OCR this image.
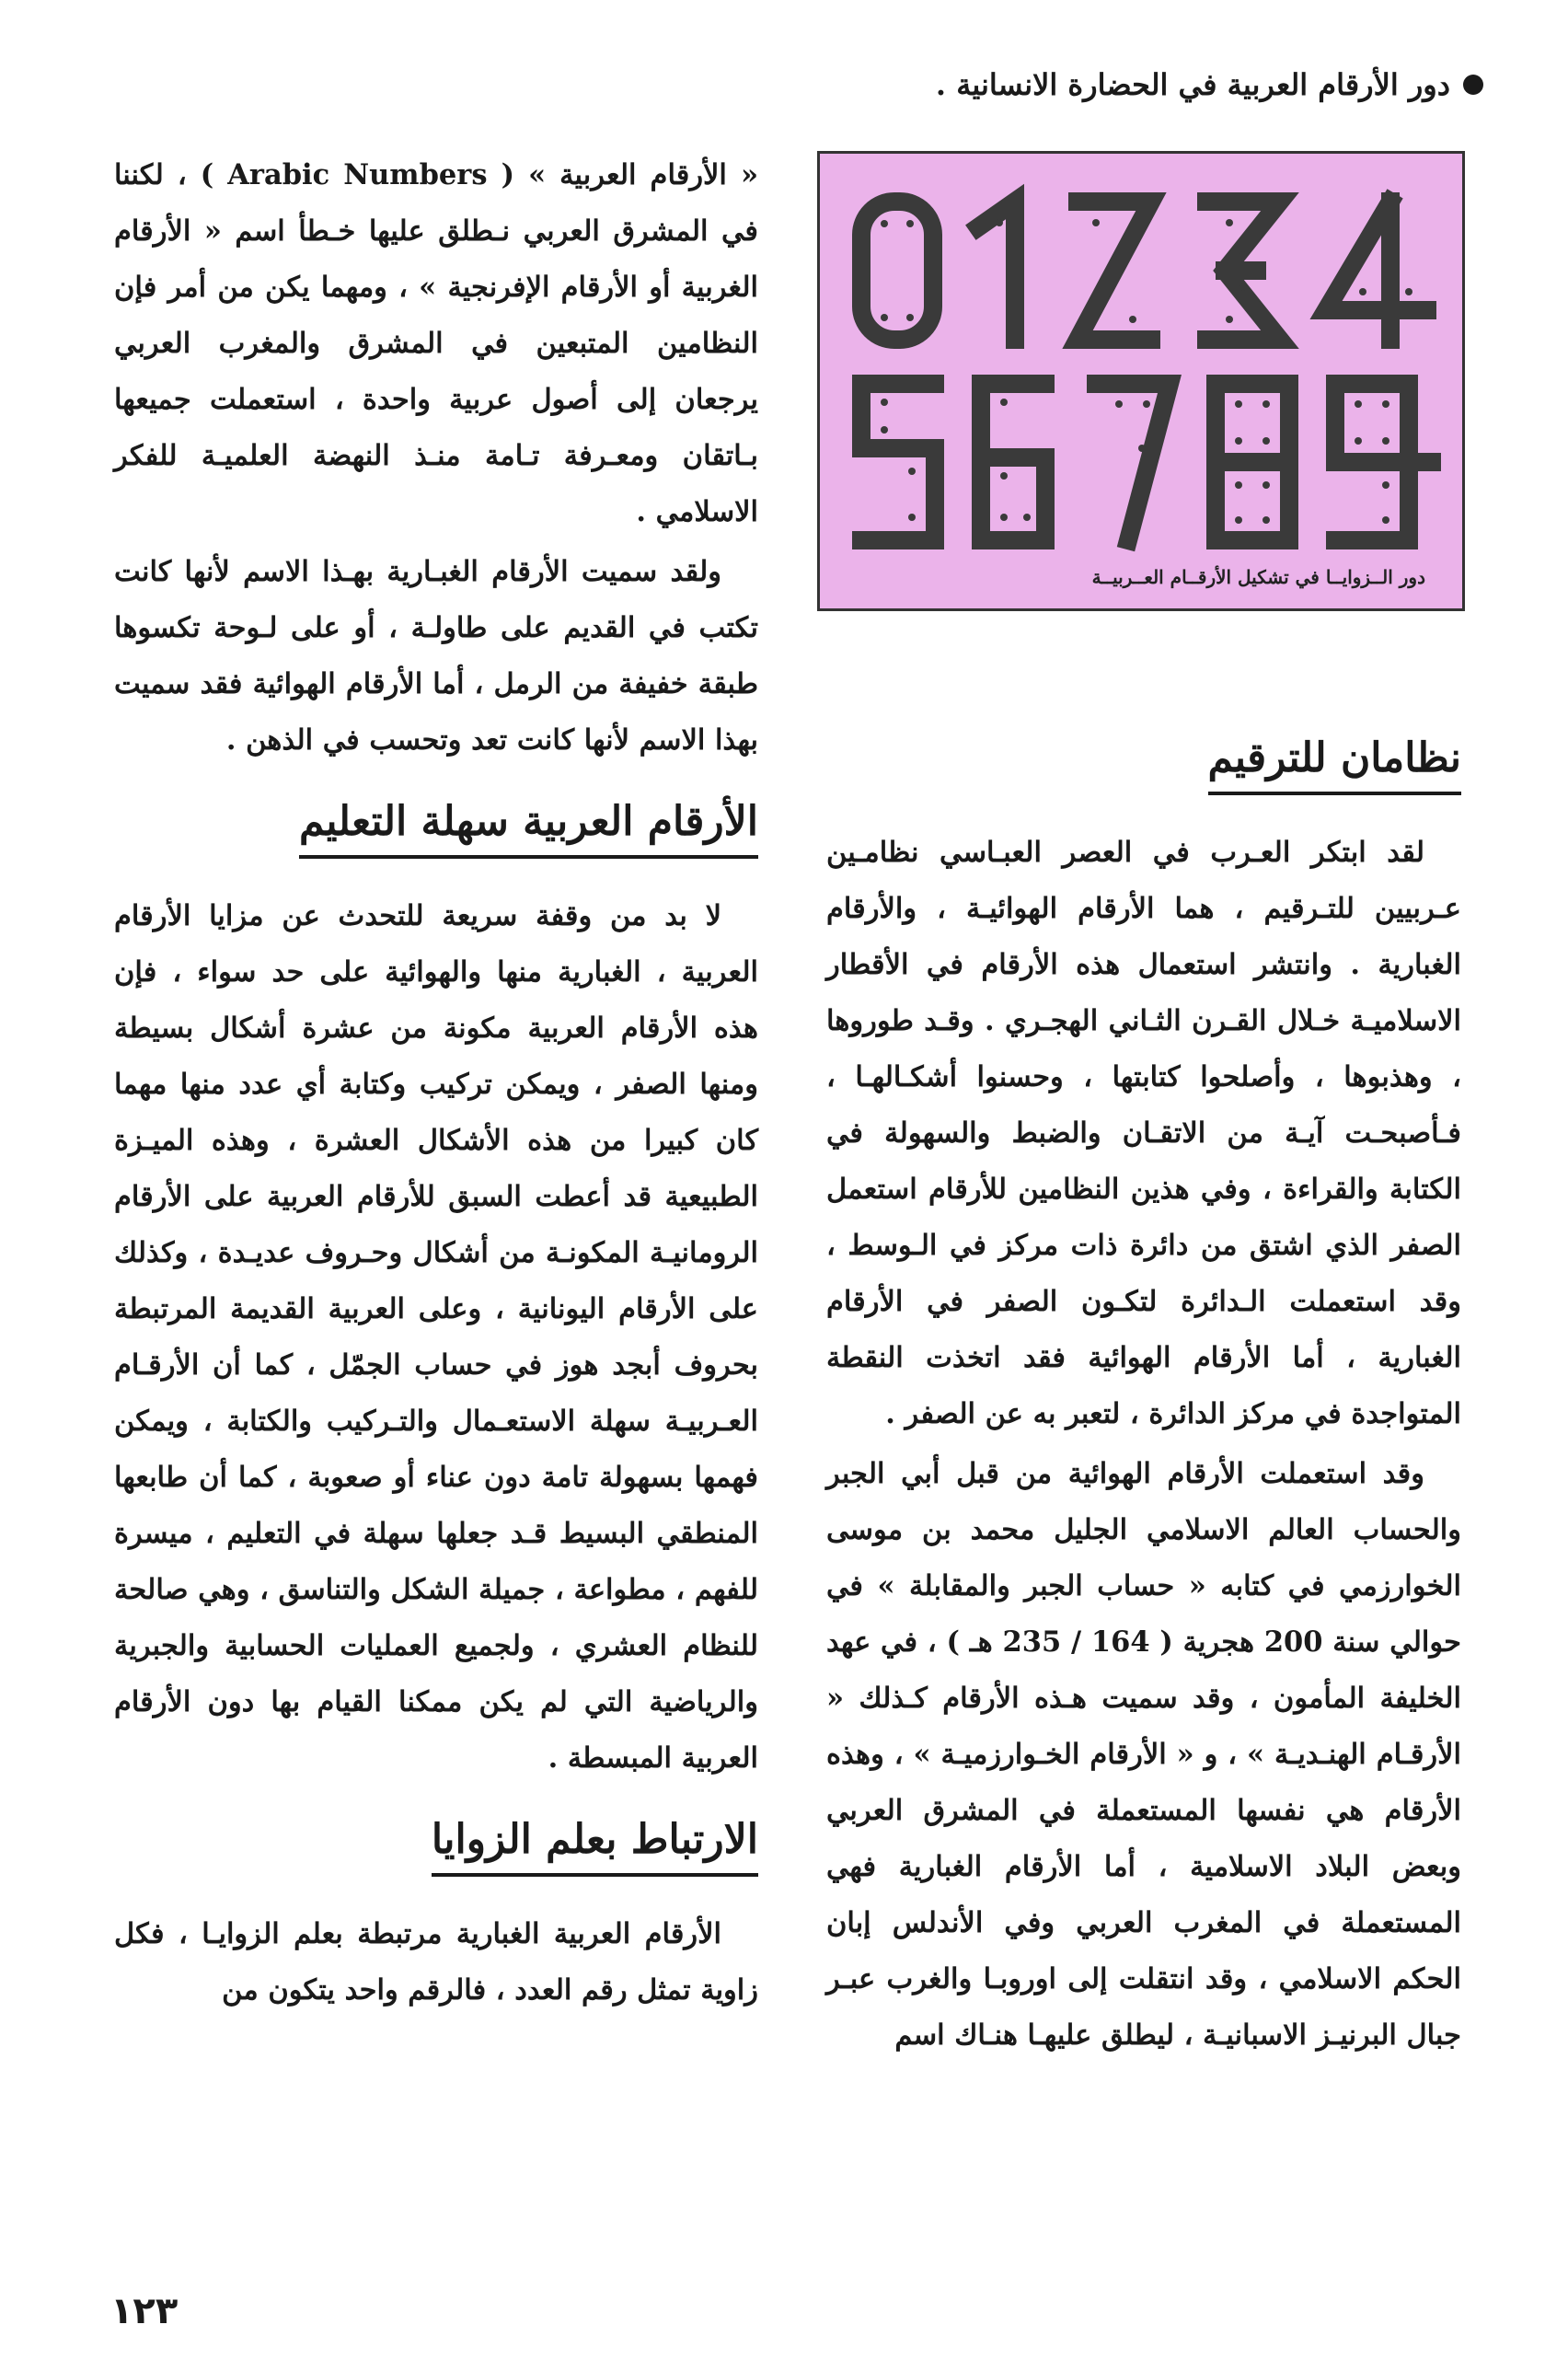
دور الأرقام العربية في الحضارة الانسانية .
دور الــزوايــا في تشكيل الأرقــام العــربيــة

« الأرقام العربية » ( Arabic Numbers ) ، لكننا في المشرق العربي نـطلق عليها خـطأ اسم « الأرقام الغربية أو الأرقام الإفرنجية » ، ومهما يكن من أمر فإن النظامين المتبعين في المشرق والمغرب العربي يرجعان إلى أصول عربية واحدة ، استعملت جميعها بـاتقان ومعـرفة تـامة منـذ النهضة العلميـة للفكر الاسلامي .

ولقد سميت الأرقام الغبـارية بهـذا الاسم لأنها كانت تكتب في القديم على طاولـة ، أو على لـوحة تكسوها طبقة خفيفة من الرمل ، أما الأرقام الهوائية فقد سميت بهذا الاسم لأنها كانت تعد وتحسب في الذهن .

الأرقام العربية سهلة التعليم

لا بد من وقفة سريعة للتحدث عن مزايا الأرقام العربية ، الغبارية منها والهوائية على حد سواء ، فإن هذه الأرقام العربية مكونة من عشرة أشكال بسيطة ومنها الصفر ، ويمكن تركيب وكتابة أي عدد منها مهما كان كبيرا من هذه الأشكال العشرة ، وهذه الميـزة الطبيعية قد أعطت السبق للأرقام العربية على الأرقام الرومانيـة المكونـة من أشكال وحـروف عديـدة ، وكذلك على الأرقام اليونانية ، وعلى العربية القديمة المرتبطة بحروف أبجد هوز في حساب الجمّل ، كما أن الأرقـام العـربيـة سهلة الاستعـمال والتـركيب والكتابة ، ويمكن فهمها بسهولة تامة دون عناء أو صعوبة ، كما أن طابعها المنطقي البسيط قـد جعلها سهلة في التعليم ، ميسرة للفهم ، مطواعة ، جميلة الشكل والتناسق ، وهي صالحة للنظام العشري ، ولجميع العمليات الحسابية والجبرية والرياضية التي لم يكن ممكنا القيام بها دون الأرقام العربية المبسطة .

الارتباط بعلم الزوايا

الأرقام العربية الغبارية مرتبطة بعلم الزوايـا ، فكل زاوية تمثل رقم العدد ، فالرقم واحد يتكون من

نظامان للترقيم

لقد ابتكر العـرب في العصر العبـاسي نظامـين عـربيين للتـرقيم ، هما الأرقام الهوائيـة ، والأرقام الغبارية . وانتشر استعمال هذه الأرقام في الأقطار الاسلاميـة خـلال القـرن الثـاني الهجـري . وقـد طوروها ، وهذبوها ، وأصلحوا كتابتها ، وحسنوا أشكـالهـا ، فـأصبحـت آيـة من الاتقـان والضبط والسهولة في الكتابة والقراءة ، وفي هذين النظامين للأرقام استعمل الصفر الذي اشتق من دائرة ذات مركز في الـوسط ، وقد استعملت الـدائرة لتكـون الصفر في الأرقام الغبارية ، أما الأرقام الهوائية فقد اتخذت النقطة المتواجدة في مركز الدائرة ، لتعبر به عن الصفر .

وقد استعملت الأرقام الهوائية من قبل أبي الجبر والحساب العالم الاسلامي الجليل محمد بن موسى الخوارزمي في كتابه « حساب الجبر والمقابلة » في حوالي سنة 200 هجرية ( 164 / 235 هـ ) ، في عهد الخليفة المأمون ، وقد سميت هـذه الأرقام كـذلك « الأرقـام الهنـديـة » ، و « الأرقام الخـوارزميـة » ، وهذه الأرقام هي نفسها المستعملة في المشرق العربي وبعض البلاد الاسلامية ، أما الأرقام الغبارية فهي المستعملة في المغرب العربي وفي الأندلس إبان الحكم الاسلامي ، وقد انتقلت إلى اوروبـا والغرب عبـر جبال البرنيـز الاسبانيـة ، ليطلق عليهـا هنـاك اسم

١٢٣
